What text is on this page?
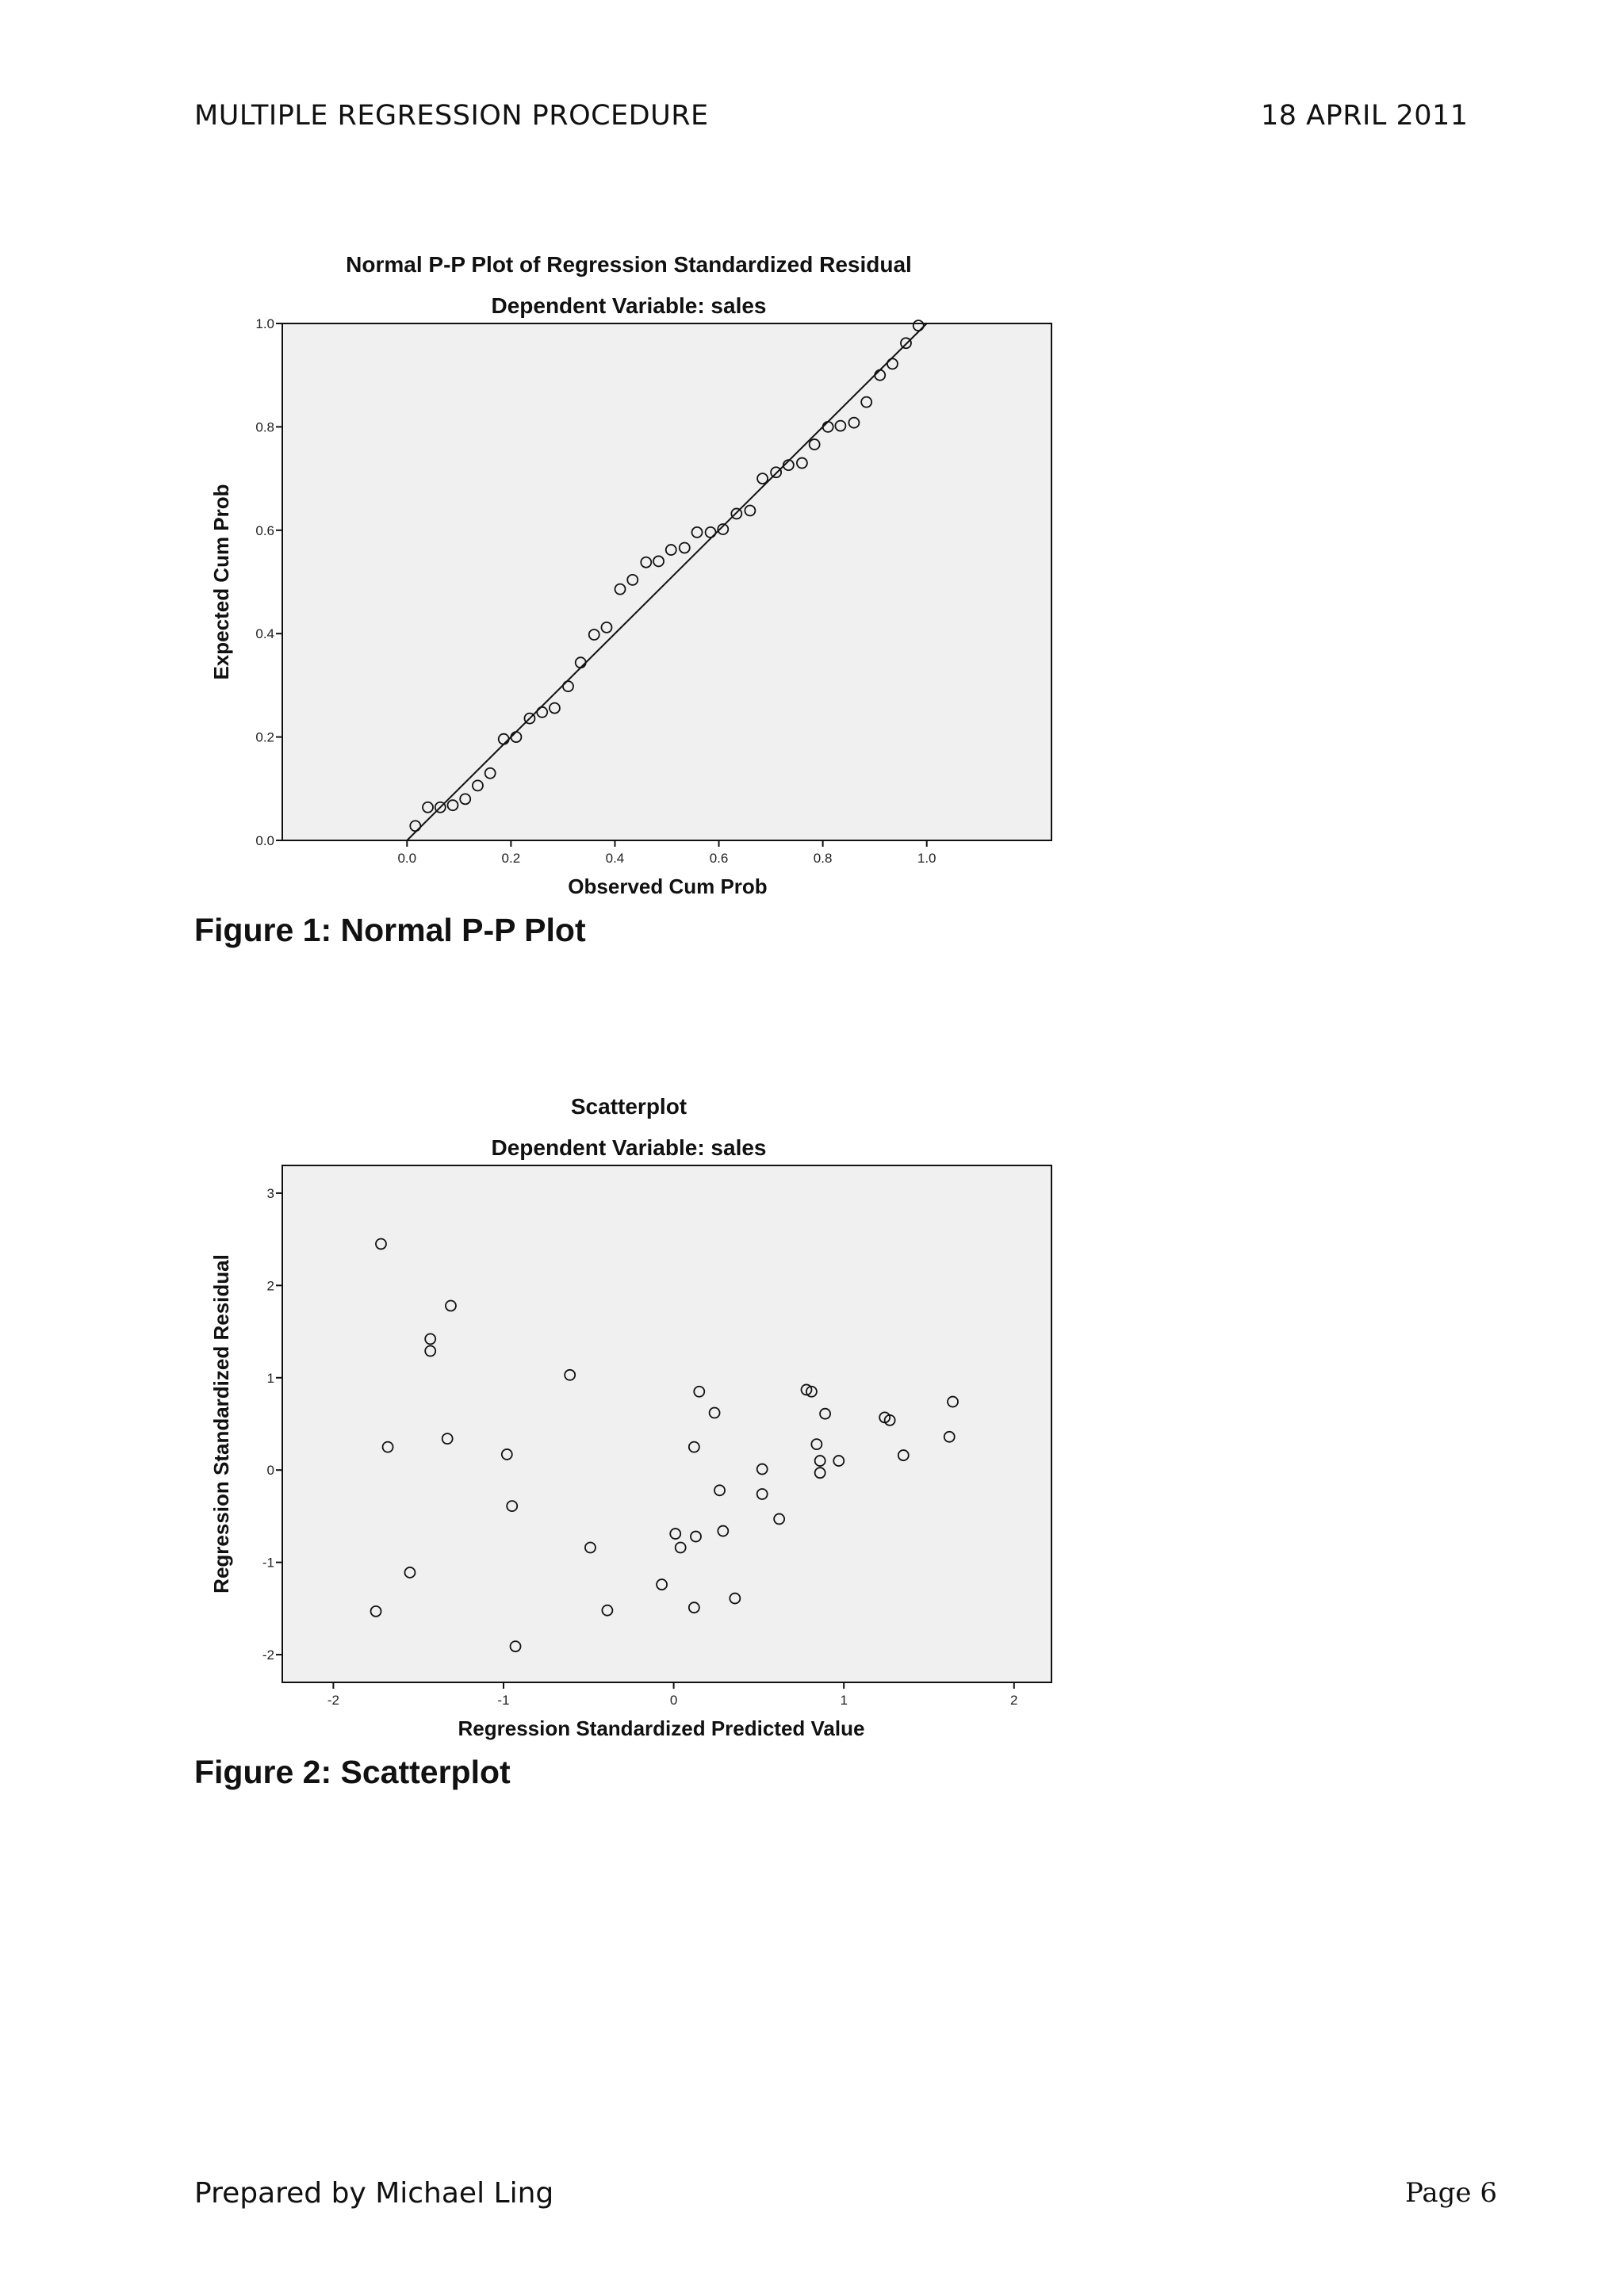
MULTIPLE REGRESSION PROCEDURE	18 APRIL 2011
Normal P-P Plot of Regression Standardized Residual
Dependent Variable: sales
0.0
0.2
0.4
0.6
0.8
1.0
0.0	0.2	0.4	0.6	0.8	1.0
Observed Cum Prob
Expected Cum Prob

Figure 1: Normal P-P Plot

Scatterplot
Dependent Variable: sales
-2
-1
0
1
2
3
-2	-1	0	1	2
Regression Standardized Predicted Value
Regression Standardized Residual

Figure 2: Scatterplot

Prepared by Michael Ling	Page 6
